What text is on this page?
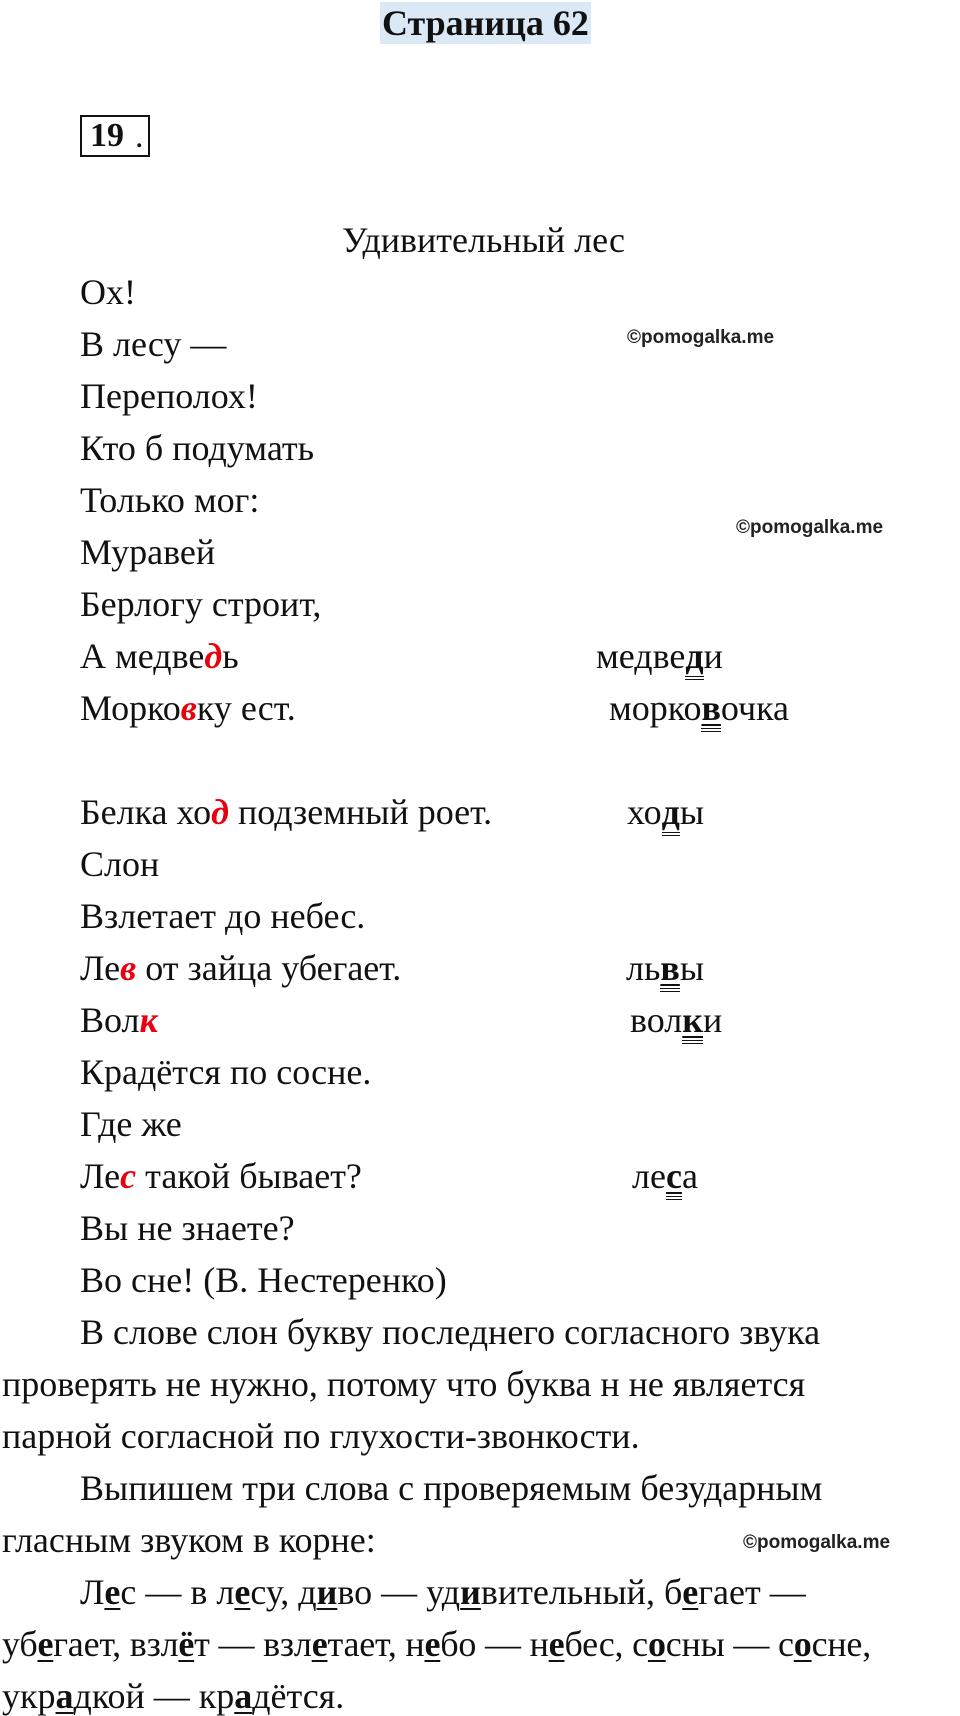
Страница 62
19 .
©pomogalka.me
©pomogalka.me
©pomogalka.me
Удивительный лес
Ох!
В лесу —
Переполох!
Кто б подумать
Только мог:
Муравей
Берлогу строит,
А медведь	медведи
Морковку ест.	морковочка
Белка ход подземный роет.	ходы
Слон
Взлетает до небес.
Лев от зайца убегает.	львы
Волк	волки
Крадётся по сосне.
Где же
Лес такой бывает?	леса
Вы не знаете?
Во сне! (В. Нестеренко)
В слове слон букву последнего согласного звука
проверять не нужно, потому что буква н не является
парной согласной по глухости-звонкости.
Выпишем три слова с проверяемым безударным
гласным звуком в корне:
Лес — в лесу, диво — удивительный, бегает —
убегает, взлёт — взлетает, небо — небес, сосны — сосне,
украдкой — крадётся.
